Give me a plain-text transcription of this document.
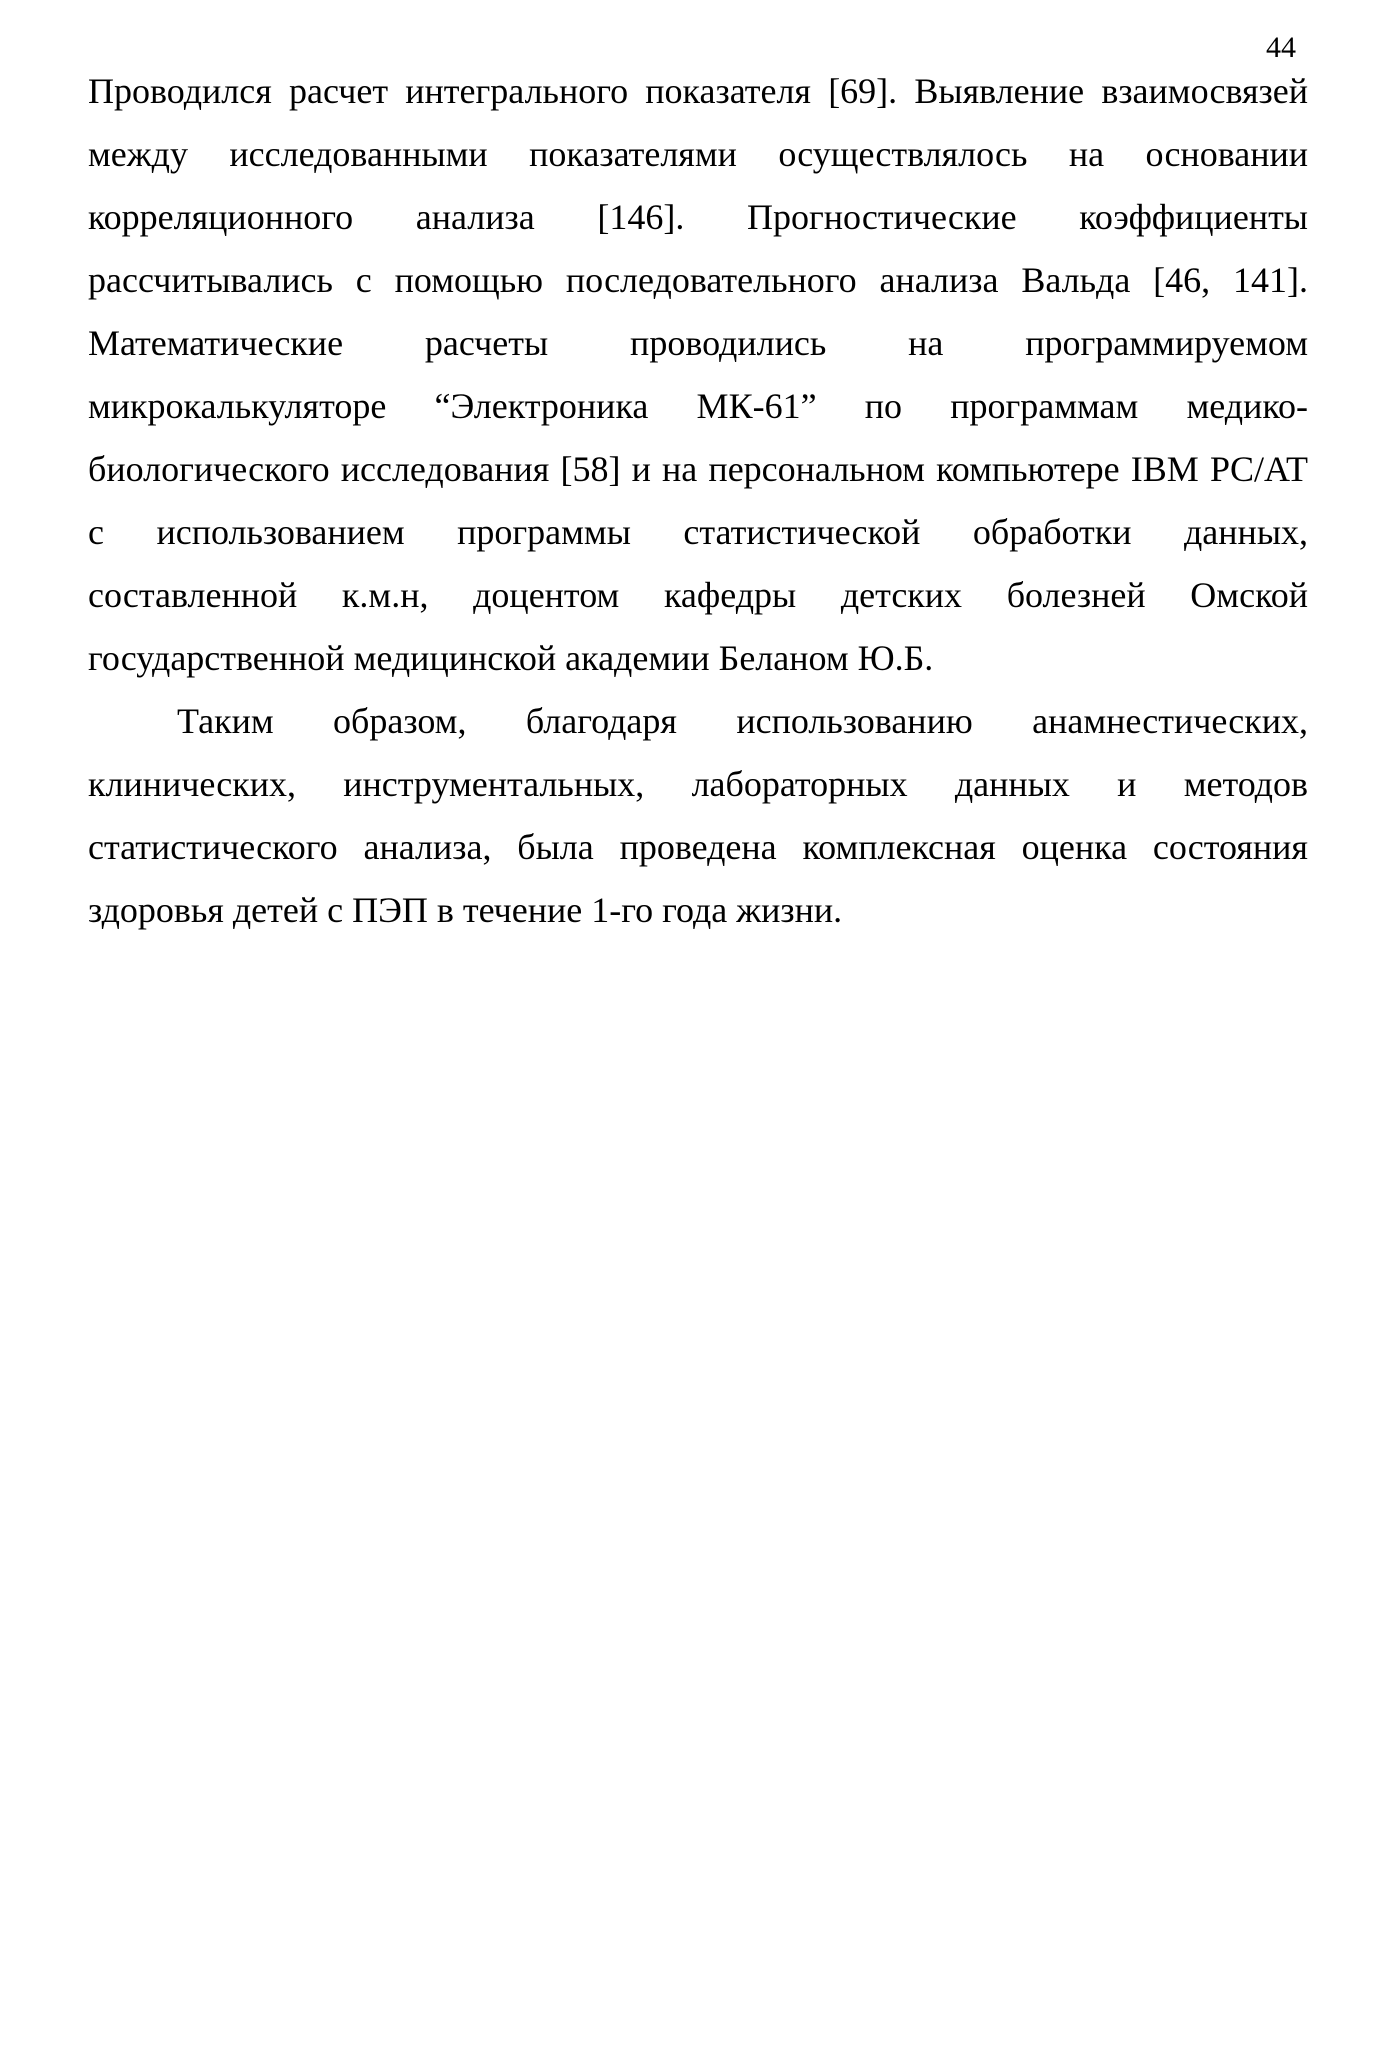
44

Проводился расчет интегрального показателя [69]. Выявление взаимосвязей между исследованными показателями осуществлялось на основании корреляционного анализа [146]. Прогностические коэффициенты рассчитывались с помощью последовательного анализа Вальда [46, 141]. Математические расчеты проводились на программируемом микрокалькуляторе “Электроника МК-61” по программам медико-биологического исследования [58] и на персональном компьютере IBM PC/AT с использованием программы статистической обработки данных, составленной к.м.н, доцентом кафедры детских болезней Омской государственной медицинской академии Беланом Ю.Б.

Таким образом, благодаря использованию анамнестических, клинических, инструментальных, лабораторных данных и методов статистического анализа, была проведена комплексная оценка состояния здоровья детей с ПЭП в течение 1-го года жизни.
